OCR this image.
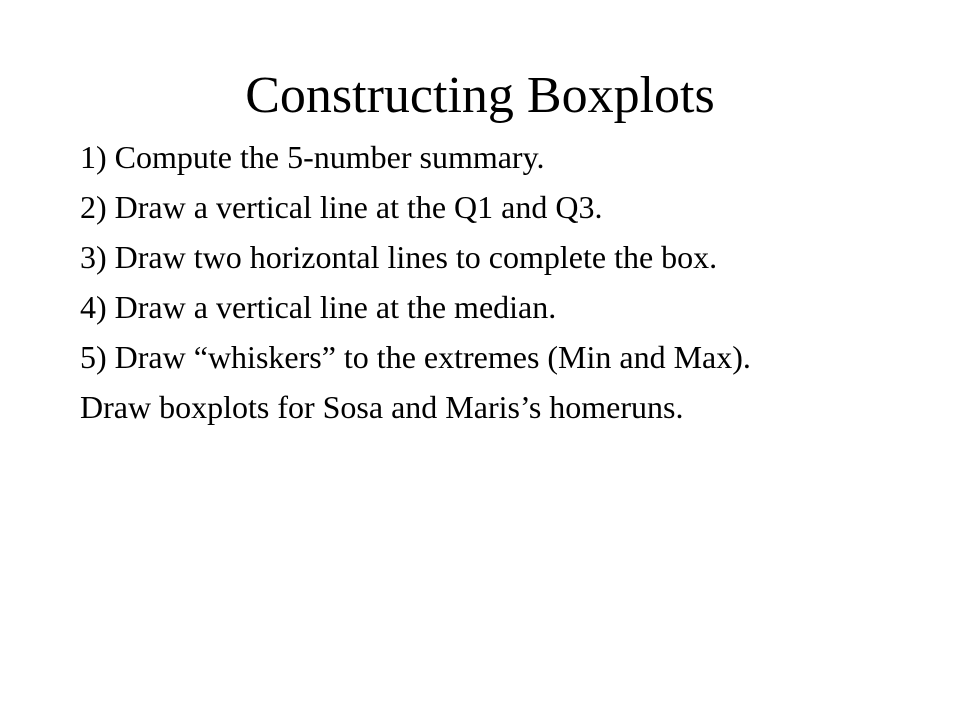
Constructing Boxplots
1) Compute the 5-number summary.
2) Draw a vertical line at the Q1 and Q3.
3) Draw two horizontal lines to complete the box.
4) Draw a vertical line at the median.
5) Draw “whiskers” to the extremes (Min and Max).
Draw boxplots for Sosa and Maris’s homeruns.
